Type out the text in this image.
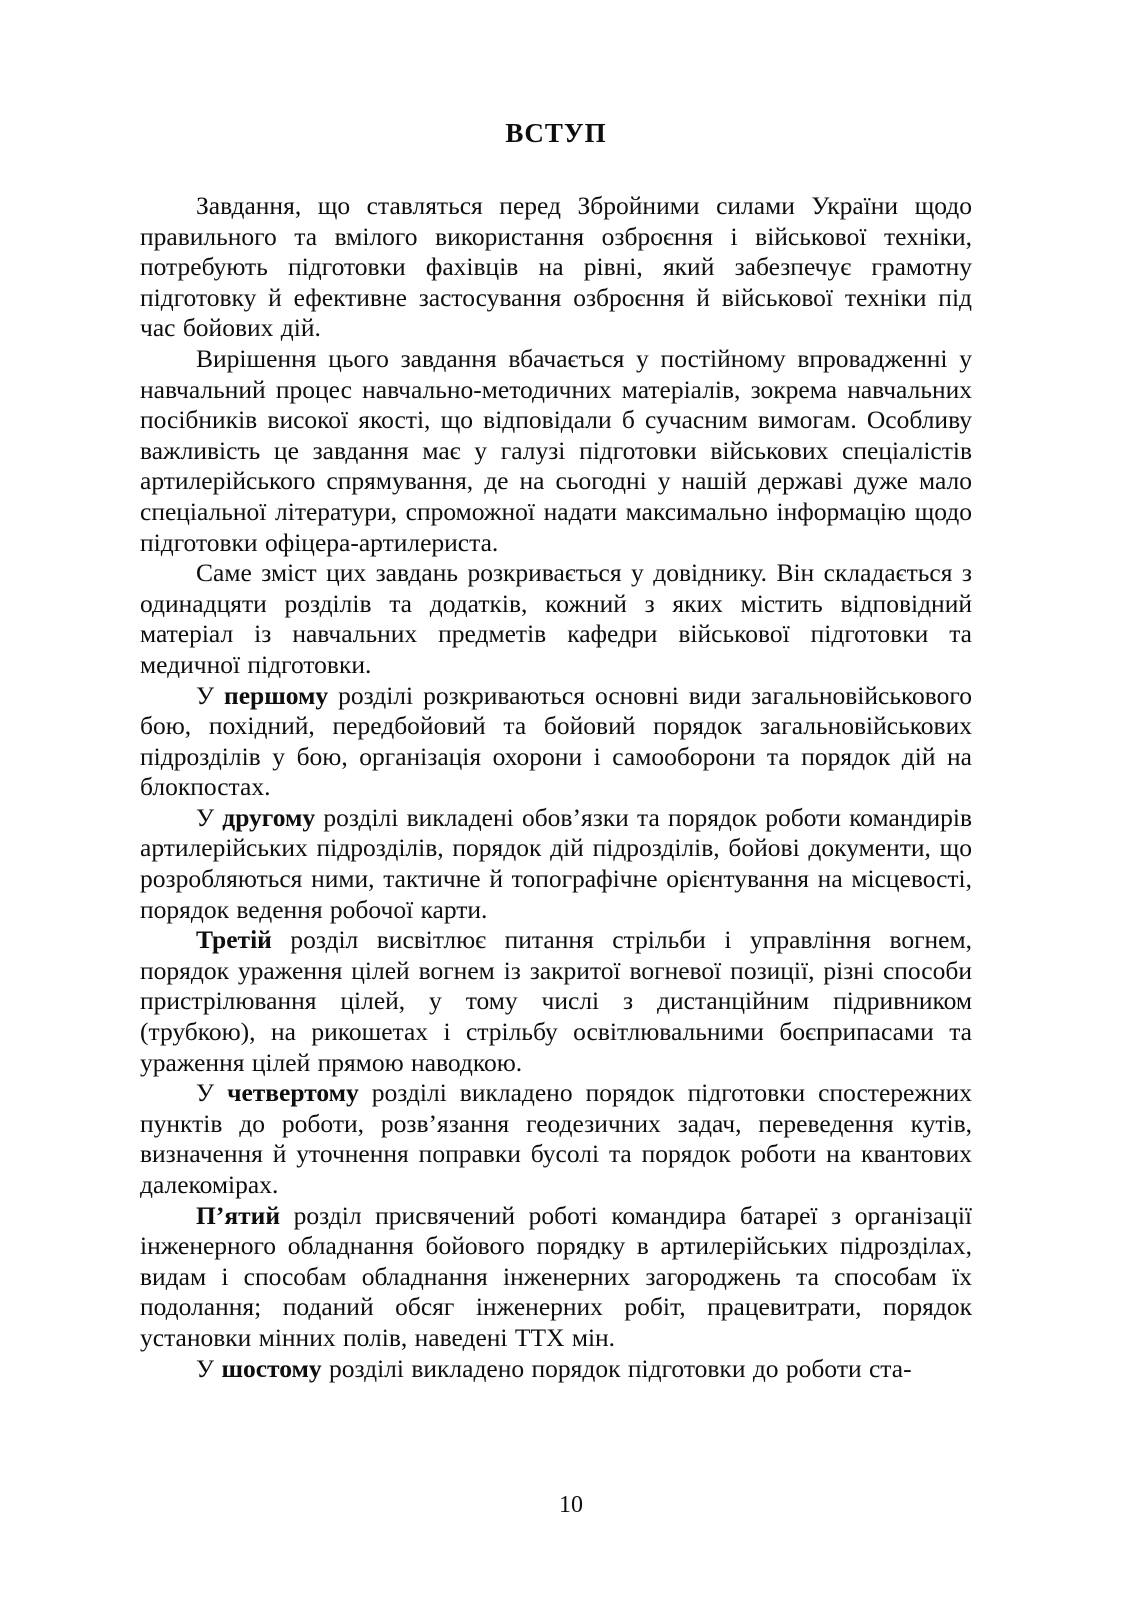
ВСТУП

Завдання, що ставляться перед Збройними силами України щодо правильного та вмілого використання озброєння і військової техніки, потребують підготовки фахівців на рівні, який забезпечує грамотну підготовку й ефективне застосування озброєння й військової техніки під час бойових дій.

Вирішення цього завдання вбачається у постійному впровадженні у навчальний процес навчально-методичних матеріалів, зокрема навчальних посібників високої якості, що відповідали б сучасним вимогам. Особливу важливість це завдання має у галузі підготовки військових спеціалістів артилерійського спрямування, де на сьогодні у нашій державі дуже мало спеціальної літератури, спроможної надати максимально інформацію щодо підготовки офіцера-артилериста.

Саме зміст цих завдань розкривається у довіднику. Він складається з одинадцяти розділів та додатків, кожний з яких містить відповідний матеріал із навчальних предметів кафедри військової підготовки та медичної підготовки.

У першому розділі розкриваються основні види загальновійськового бою, похідний, передбойовий та бойовий порядок загальновійськових підрозділів у бою, організація охорони і самооборони та порядок дій на блокпостах.

У другому розділі викладені обов’язки та порядок роботи командирів артилерійських підрозділів, порядок дій підрозділів, бойові документи, що розробляються ними, тактичне й топографічне орієнтування на місцевості, порядок ведення робочої карти.

Третій розділ висвітлює питання стрільби і управління вогнем, порядок ураження цілей вогнем із закритої вогневої позиції, різні способи пристрілювання цілей, у тому числі з дистанційним підривником (трубкою), на рикошетах і стрільбу освітлювальними боєприпасами та ураження цілей прямою наводкою.

У четвертому розділі викладено порядок підготовки спостережних пунктів до роботи, розв’язання геодезичних задач, переведення кутів, визначення й уточнення поправки бусолі та порядок роботи на квантових далекомірах.

П’ятий розділ присвячений роботі командира батареї з організації інженерного обладнання бойового порядку в артилерійських підрозділах, видам і способам обладнання інженерних загороджень та способам їх подолання; поданий обсяг інженерних робіт, працевитрати, порядок установки мінних полів, наведені ТТХ мін.

У шостому розділі викладено порядок підготовки до роботи ста-

10
